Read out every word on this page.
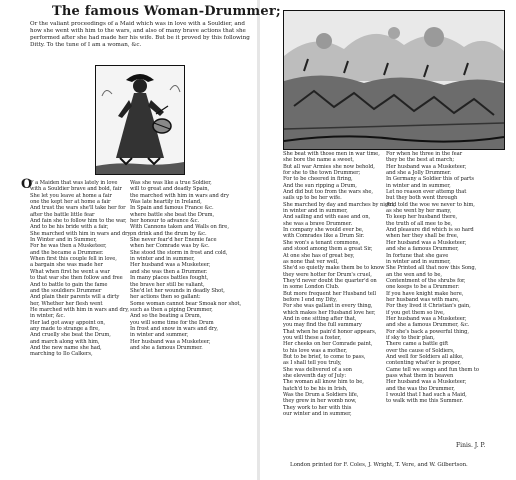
The famous Woman-Drummer;
Or the valiant proceedings of a Maid which was in love with a Souldier, and how she went with him to the wars, and also of many brave actions that she performed after she had made her his wife. But be it proved by this following Ditty. To the tune of I am a woman, &c.
O
F a Maiden that was lately in love
with a Souldier brave and bold, fair
She let you leave at home a fair
one the kept her at home a fair
And trust the wars she'll take her for
after the battle little fear
And fain she to follow him to the war,
And to be his bride with a fair,
She marched with him in wars and dry,
In Winter and in Summer,
For he was then a Musketeer,
and the became a Drummer.
When first this couple fell in love,
a bargain she was made her
What when first he went a war
to that war she then follow and free
And to battle to gain the fame
and the souldiers Drummer
And plain their parents will a dirty
her, Whether her flesh went
He marched with him in wars and dry,
in winter, &c.
Her lad got away appoint on,
any made to strange a fire,
And cruelly she beat the Drum,
and march along with him,
And the new name she had,
marching to Ilo Calkers,
Was she was like a true Soldier,
will to great and deadly Spain,
the marched with him in wars and dry
Was late heartily in Ireland,
In Spain and famous France &c.
where battle she beat the Drum,
her honour to advance &c.
With Cannons taken and Walls on fire,
on drink and the drum by &c.
She never fear'd her Enemie face
when her Comrade was by &c.
She stood the storm in frost and cold,
in winter and in summer,
Her husband was a Musketeer,
and she was then a Drummer.
In many places battles fought,
the brave her still be valiant,
She'd let her wounds in deadly Shot,
her actions then so gallant:
Some woman cannot bear Smoak nor shot,
such as then a piping Drummer,
And so the beating a Drum,
you will some time for the Drum
In frost and snow in wars and dry,
in winter and summer,
Her husband was a Musketeer,
and she a famous Drummer.
She beat with those men in war time,
she bore the name a sweet,
But all war Armies she now behold,
for she to the town Drummer;
For to be cheered in firing,
And the sun ripping a Drum,
And did but too from the wars she,
sails up to be her wife.
She marched by day and marches by night,
in winter and in summer,
And sailing and with ease and on,
she was a brave Drummer.
In company she would ever be,
with Comrades like a Drum Sir.
She won's a tenant commons,
and stood among them a great Sir,
At one she has of great bey,
as none that ver well,
She'd so quietly make them be to know
they were hotter for Drum's cruel,
They'd never doubt the quarter'd on
in some London Club.
But more frequent her Husband tell
before I end my Dity,
For she was gallant in every thing,
which makes her Husband love her,
And in one sitting after that,
you may find the full summary
That when he pain'd honor appears,
you will these a foster,
Her cheeks on her Comrade paint,
to his love was a mother,
But to be brief, to come to pass,
as I shall tell you truly,
She was delivered of a son
she eleventh day of July:
The woman all know him to be,
hatch'd to be his in Irish,
Was the Drum a Soldiers life,
they grew in her womb now,
They work to her with this
our winter and in summer,
For when he three in the fear
they be the best at march;
Her husband was a Musketeer,
and she a Jolly Drummer.
In Germany a Soldier this of parts
in winter and in summer,
Let no reason ever attemp that
but they both went through
And told the woe we never to him,
as she went by her many,
To keep her husband there,
the truth of all mee to be,
And pleasure did which is so hard
when her they shall be free,
Her husband was a Musketeer,
and she a famous Drummer,
In fortune that she gave
in winter and in summer,
She Printed all that now this Song,
an the wen and to be,
Contentment of the shrubs for,
one keeps to be a Drummer:
If you have knight make here,
her husband was with mare,
For they lived it Christian's gain,
if you get them so live,
Her husband was a Musketeer,
and she a famous Drummer, &c.
For she's back a powerful thing,
if sky to their plan,
There came a battle gift
over the cause of Soldiers,
And well for Soldiers all alike,
contenting what'er is proper,
Came tell we songs and fun them to
pass what them in heaven
Her husband was a Musketeer,
and the was tho Drummer,
I would that I had such a Maid,
to walk with me this Summer.
Finis. J. P.
London printed for F. Coles, J. Wright, T. Vere, and W. Gilbertson.
